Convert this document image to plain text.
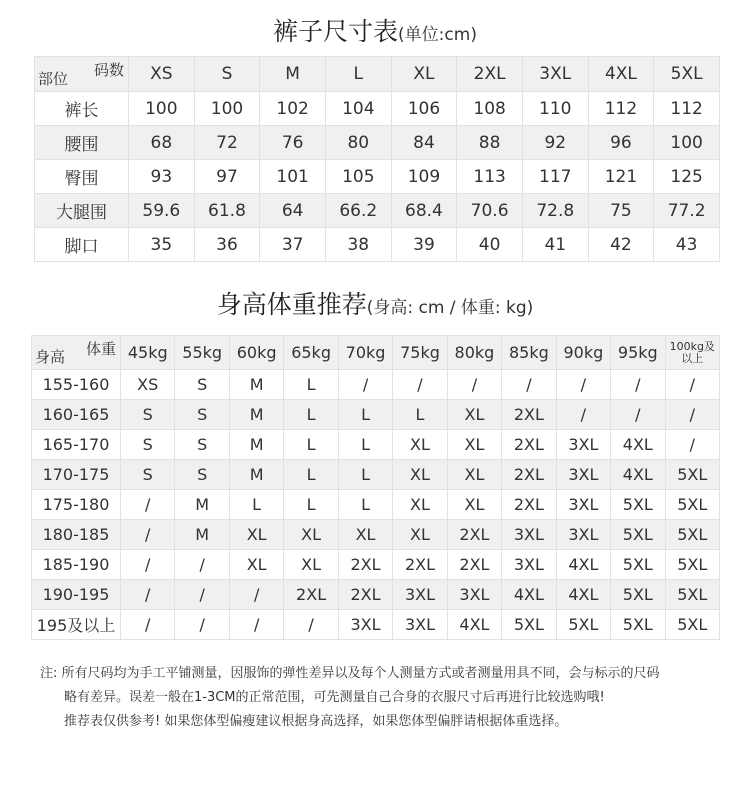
裤子尺寸表(单位:cm)
码数
部位	XS	S	M	L	XL	2XL	3XL	4XL	5XL
裤长	100	100	102	104	106	108	110	112	112
腰围	68	72	76	80	84	88	92	96	100
臀围	93	97	101	105	109	113	117	121	125
大腿围	59.6	61.8	64	66.2	68.4	70.6	72.8	75	77.2
脚口	35	36	37	38	39	40	41	42	43
身高体重推荐(身高: cm / 体重: kg)
体重
身高	45kg	55kg	60kg	65kg	70kg	75kg	80kg	85kg	90kg	95kg	100kg及以上
155-160	XS	S	M	L	/	/	/	/	/	/	/
160-165	S	S	M	L	L	L	XL	2XL	/	/	/
165-170	S	S	M	L	L	XL	XL	2XL	3XL	4XL	/
170-175	S	S	M	L	L	XL	XL	2XL	3XL	4XL	5XL
175-180	/	M	L	L	L	XL	XL	2XL	3XL	5XL	5XL
180-185	/	M	XL	XL	XL	XL	2XL	3XL	3XL	5XL	5XL
185-190	/	/	XL	XL	2XL	2XL	2XL	3XL	4XL	5XL	5XL
190-195	/	/	/	2XL	2XL	3XL	3XL	4XL	4XL	5XL	5XL
195及以上	/	/	/	/	3XL	3XL	4XL	5XL	5XL	5XL	5XL
注: 所有尺码均为手工平铺测量，因服饰的弹性差异以及每个人测量方式或者测量用具不同，会与标示的尺码
略有差异。误差一般在1-3CM的正常范围，可先测量自己合身的衣服尺寸后再进行比较选购哦!
推荐表仅供参考! 如果您体型偏瘦建议根据身高选择，如果您体型偏胖请根据体重选择。
